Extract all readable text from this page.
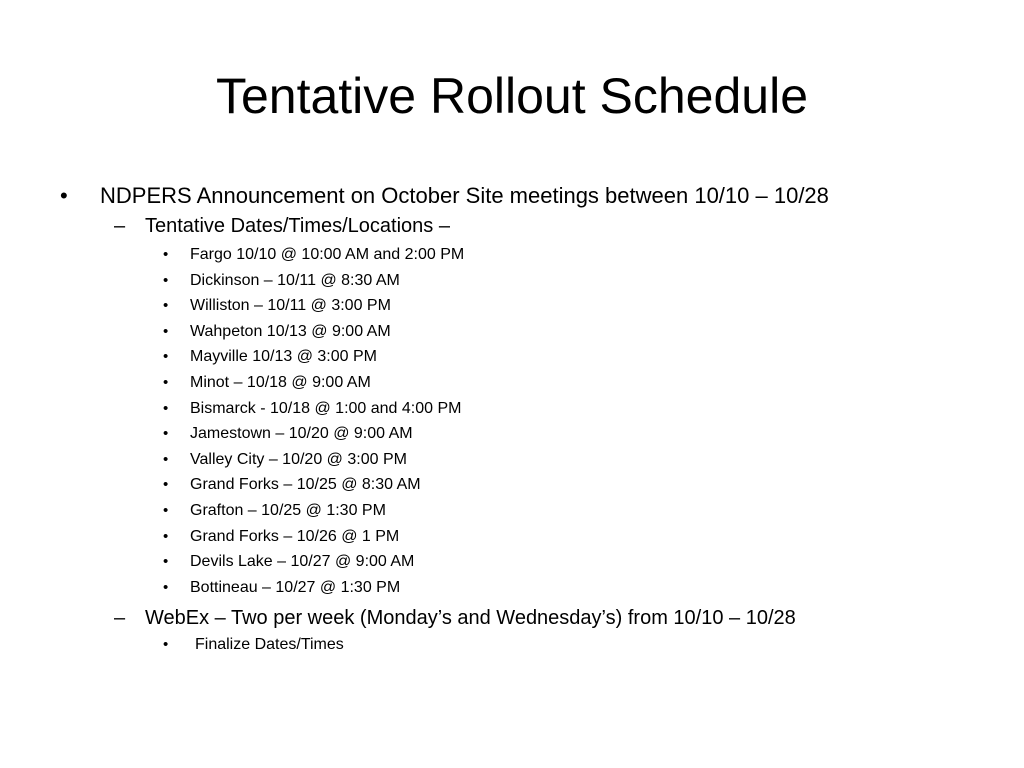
Tentative Rollout Schedule
• NDPERS Announcement on October Site meetings between 10/10 – 10/28
– Tentative Dates/Times/Locations –
• Fargo 10/10 @ 10:00 AM and 2:00 PM
• Dickinson – 10/11 @ 8:30 AM
• Williston – 10/11 @ 3:00 PM
• Wahpeton 10/13 @ 9:00 AM
• Mayville 10/13 @ 3:00 PM
• Minot – 10/18 @ 9:00 AM
• Bismarck - 10/18 @ 1:00 and 4:00 PM
• Jamestown – 10/20 @ 9:00 AM
• Valley City – 10/20 @ 3:00 PM
• Grand Forks – 10/25 @ 8:30 AM
• Grafton – 10/25 @ 1:30 PM
• Grand Forks – 10/26 @ 1 PM
• Devils Lake – 10/27 @ 9:00 AM
• Bottineau – 10/27 @ 1:30 PM
– WebEx – Two per week (Monday’s and Wednesday’s) from 10/10 – 10/28
• Finalize Dates/Times
